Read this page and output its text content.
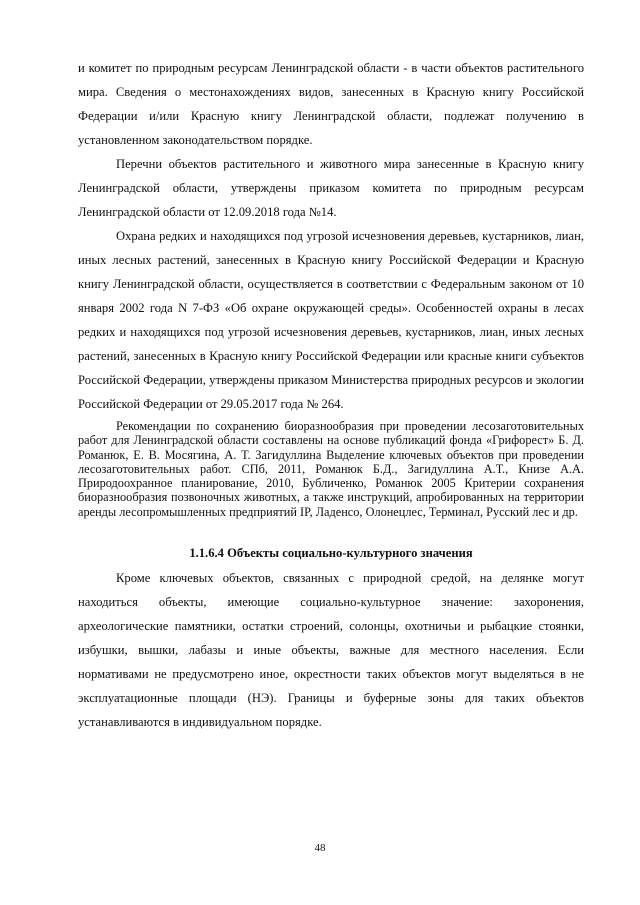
и комитет по природным ресурсам Ленинградской области - в части объектов растительного мира. Сведения о местонахождениях видов, занесенных в Красную книгу Российской Федерации и/или Красную книгу Ленинградской области, подлежат получению в установленном законодательством порядке.

Перечни объектов растительного и животного мира занесенные в Красную книгу Ленинградской области, утверждены приказом комитета по природным ресурсам Ленинградской области от 12.09.2018 года №14.

Охрана редких и находящихся под угрозой исчезновения деревьев, кустарников, лиан, иных лесных растений, занесенных в Красную книгу Российской Федерации и Красную книгу Ленинградской области, осуществляется в соответствии с Федеральным законом от 10 января 2002 года N 7-ФЗ «Об охране окружающей среды». Особенностей охраны в лесах редких и находящихся под угрозой исчезновения деревьев, кустарников, лиан, иных лесных растений, занесенных в Красную книгу Российской Федерации или красные книги субъектов Российской Федерации, утверждены приказом Министерства природных ресурсов и экологии Российской Федерации от 29.05.2017 года № 264.

Рекомендации по сохранению биоразнообразия при проведении лесозаготовительных работ для Ленинградской области составлены на основе публикаций фонда «Грифорест» Б. Д. Романюк, Е. В. Мосягина, А. Т. Загидуллина Выделение ключевых объектов при проведении лесозаготовительных работ. СПб, 2011, Романюк Б.Д., Загидуллина А.Т., Книзе А.А. Природоохранное планирование, 2010, Бубличенко, Романюк 2005 Критерии сохранения биоразнообразия позвоночных животных, а также инструкций, апробированных на территории аренды лесопромышленных предприятий IP, Ладенсо, Олонецлес, Терминал, Русский лес и др.

1.1.6.4 Объекты социально-культурного значения

Кроме ключевых объектов, связанных с природной средой, на делянке могут находиться объекты, имеющие социально-культурное значение: захоронения, археологические памятники, остатки строений, солонцы, охотничьи и рыбацкие стоянки, избушки, вышки, лабазы и иные объекты, важные для местного населения. Если нормативами не предусмотрено иное, окрестности таких объектов могут выделяться в не эксплуатационные площади (НЭ). Границы и буферные зоны для таких объектов устанавливаются в индивидуальном порядке.

48
